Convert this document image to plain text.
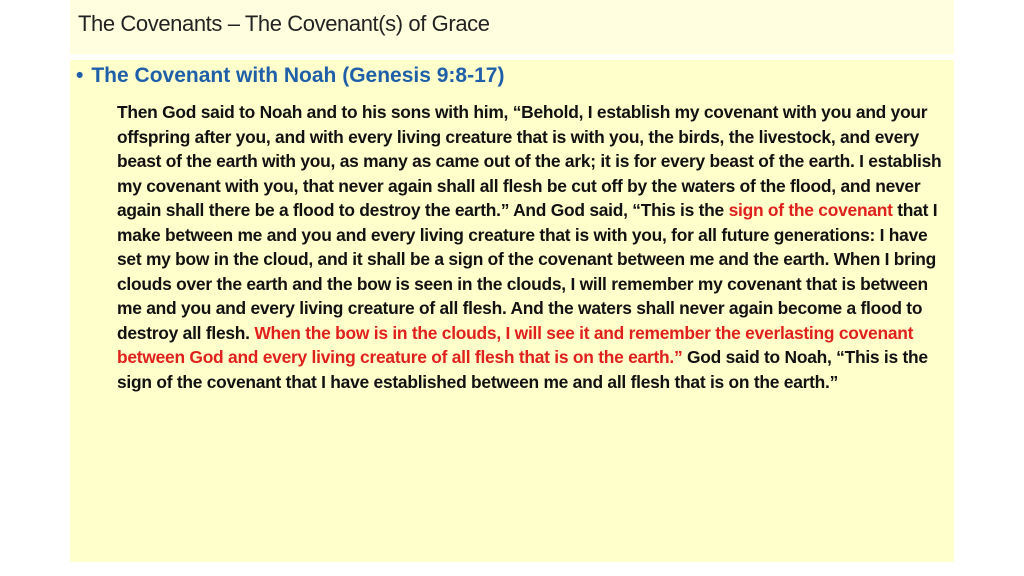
The Covenants – The Covenant(s) of Grace
• The Covenant with Noah (Genesis 9:8-17)

Then God said to Noah and to his sons with him, “Behold, I establish my covenant with you and your offspring after you, and with every living creature that is with you, the birds, the livestock, and every beast of the earth with you, as many as came out of the ark; it is for every beast of the earth. I establish my covenant with you, that never again shall all flesh be cut off by the waters of the flood, and never again shall there be a flood to destroy the earth.” And God said, “This is the sign of the covenant that I make between me and you and every living creature that is with you, for all future generations: I have set my bow in the cloud, and it shall be a sign of the covenant between me and the earth. When I bring clouds over the earth and the bow is seen in the clouds, I will remember my covenant that is between me and you and every living creature of all flesh. And the waters shall never again become a flood to destroy all flesh. When the bow is in the clouds, I will see it and remember the everlasting covenant between God and every living creature of all flesh that is on the earth.” God said to Noah, “This is the sign of the covenant that I have established between me and all flesh that is on the earth.”
